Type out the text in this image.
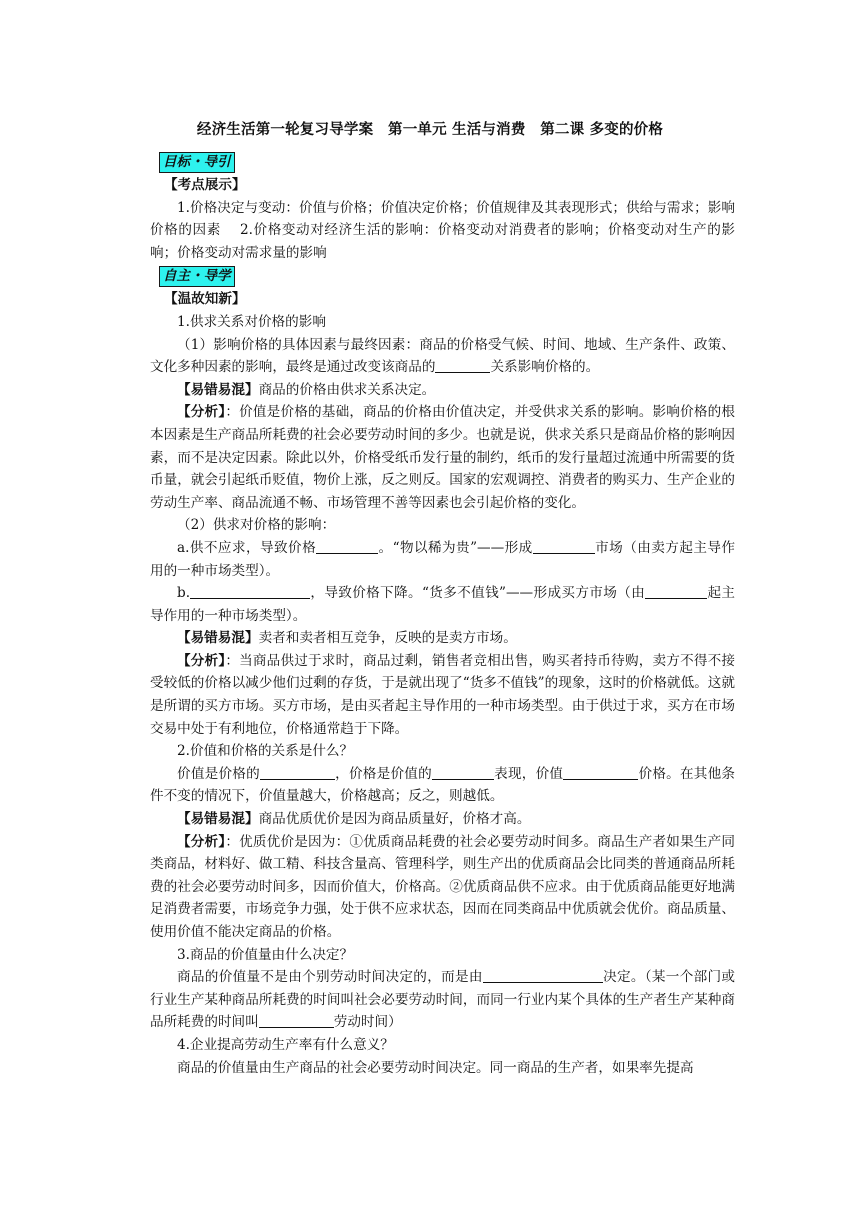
经济生活第一轮复习导学案　第一单元 生活与消费　第二课 多变的价格
目标・导引

【考点展示】

1.价格决定与变动：价值与价格；价值决定价格；价值规律及其表现形式；供给与需求；影响价格的因素　 2.价格变动对经济生活的影响：价格变动对消费者的影响；价格变动对生产的影响；价格变动对需求量的影响

自主・导学

【温故知新】

1.供求关系对价格的影响

（1）影响价格的具体因素与最终因素：商品的价格受气候、时间、地域、生产条件、政策、文化多种因素的影响，最终是通过改变该商品的	关系影响价格的。

【易错易混】商品的价格由供求关系决定。

【分析】：价值是价格的基础，商品的价格由价值决定，并受供求关系的影响。影响价格的根本因素是生产商品所耗费的社会必要劳动时间的多少。也就是说，供求关系只是商品价格的影响因素，而不是决定因素。除此以外，价格受纸币发行量的制约，纸币的发行量超过流通中所需要的货币量，就会引起纸币贬值，物价上涨，反之则反。国家的宏观调控、消费者的购买力、生产企业的劳动生产率、商品流通不畅、市场管理不善等因素也会引起价格的变化。

（2）供求对价格的影响：

a.供不应求，导致价格	。“物以稀为贵”——形成	市场（由卖方起主导作用的一种市场类型）。

b.	，导致价格下降。“货多不值钱”——形成买方市场（由	起主导作用的一种市场类型）。

【易错易混】卖者和卖者相互竞争，反映的是卖方市场。

【分析】：当商品供过于求时，商品过剩，销售者竞相出售，购买者持币待购，卖方不得不接受较低的价格以减少他们过剩的存货，于是就出现了“货多不值钱”的现象，这时的价格就低。这就是所谓的买方市场。买方市场，是由买者起主导作用的一种市场类型。由于供过于求，买方在市场交易中处于有利地位，价格通常趋于下降。

2.价值和价格的关系是什么？

价值是价格的	，价格是价值的	表现，价值	价格。在其他条件不变的情况下，价值量越大，价格越高；反之，则越低。

【易错易混】商品优质优价是因为商品质量好，价格才高。

【分析】：优质优价是因为：①优质商品耗费的社会必要劳动时间多。商品生产者如果生产同类商品，材料好、做工精、科技含量高、管理科学，则生产出的优质商品会比同类的普通商品所耗费的社会必要劳动时间多，因而价值大，价格高。②优质商品供不应求。由于优质商品能更好地满足消费者需要，市场竞争力强，处于供不应求状态，因而在同类商品中优质就会优价。商品质量、使用价值不能决定商品的价格。

3.商品的价值量由什么决定？

商品的价值量不是由个别劳动时间决定的，而是由	决定。（某一个部门或行业生产某种商品所耗费的时间叫社会必要劳动时间，而同一行业内某个具体的生产者生产某种商品所耗费的时间叫	劳动时间）

4.企业提高劳动生产率有什么意义？

商品的价值量由生产商品的社会必要劳动时间决定。同一商品的生产者，如果率先提高
